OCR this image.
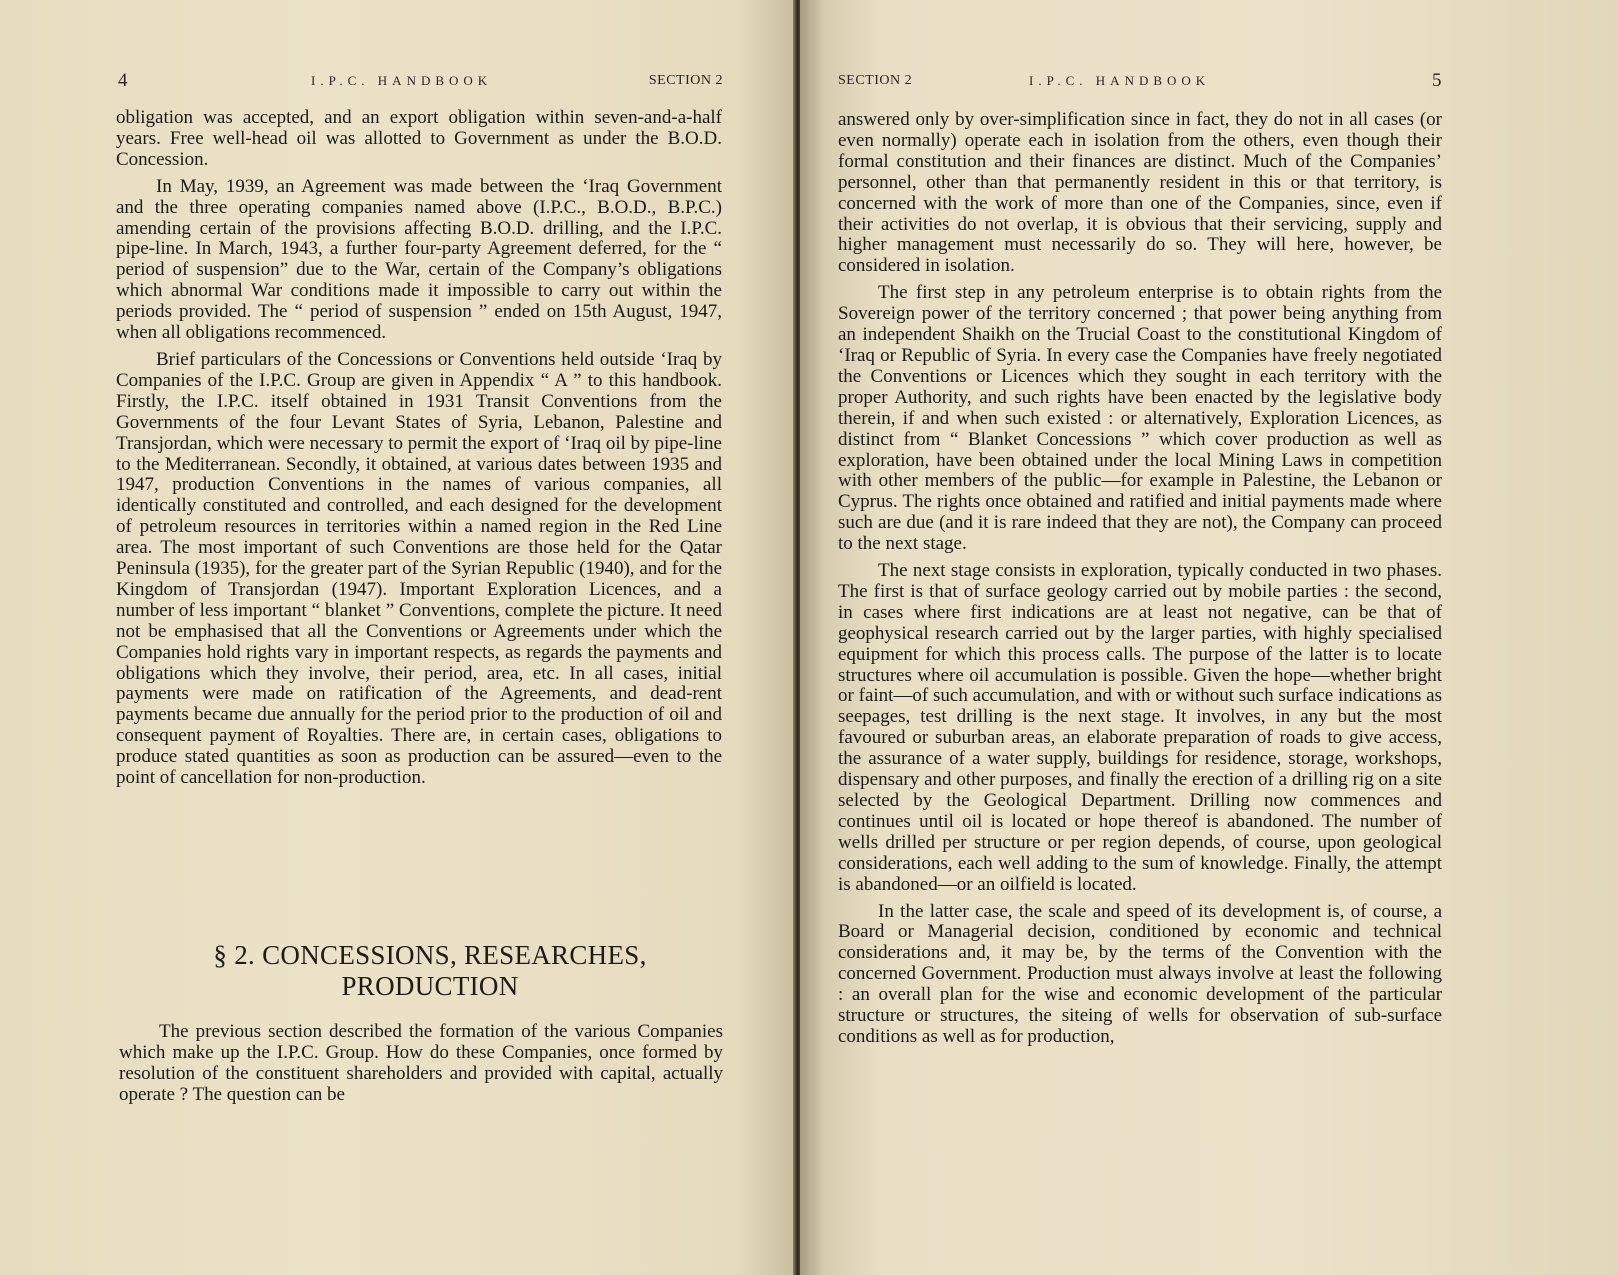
4	I.P.C. HANDBOOK	SECTION 2

obligation was accepted, and an export obligation within seven-and-a-half years. Free well-head oil was allotted to Government as under the B.O.D. Concession.

In May, 1939, an Agreement was made between the ‘Iraq Government and the three operating companies named above (I.P.C., B.O.D., B.P.C.) amending certain of the provisions affecting B.O.D. drilling, and the I.P.C. pipe-line. In March, 1943, a further four-party Agreement deferred, for the “ period of suspension” due to the War, certain of the Company’s obligations which abnormal War conditions made it impossible to carry out within the periods provided. The “ period of suspension ” ended on 15th August, 1947, when all obligations recommenced.

Brief particulars of the Concessions or Conventions held outside ‘Iraq by Companies of the I.P.C. Group are given in Appendix “ A ” to this handbook. Firstly, the I.P.C. itself obtained in 1931 Transit Conventions from the Governments of the four Levant States of Syria, Lebanon, Palestine and Transjordan, which were necessary to permit the export of ‘Iraq oil by pipe-line to the Mediterranean. Secondly, it obtained, at various dates between 1935 and 1947, production Conventions in the names of various companies, all identically constituted and controlled, and each designed for the development of petroleum resources in territories within a named region in the Red Line area. The most important of such Conventions are those held for the Qatar Peninsula (1935), for the greater part of the Syrian Republic (1940), and for the Kingdom of Transjordan (1947). Important Exploration Licences, and a number of less important “ blanket ” Conventions, complete the picture. It need not be emphasised that all the Conventions or Agreements under which the Companies hold rights vary in important respects, as regards the payments and obligations which they involve, their period, area, etc. In all cases, initial payments were made on ratification of the Agreements, and dead-rent payments became due annually for the period prior to the production of oil and consequent payment of Royalties. There are, in certain cases, obligations to produce stated quantities as soon as production can be assured—even to the point of cancellation for non-production.

§ 2. CONCESSIONS, RESEARCHES,
PRODUCTION

The previous section described the formation of the various Companies which make up the I.P.C. Group. How do these Companies, once formed by resolution of the constituent shareholders and provided with capital, actually operate ? The question can be

SECTION 2	I.P.C. HANDBOOK	5

answered only by over-simplification since in fact, they do not in all cases (or even normally) operate each in isolation from the others, even though their formal constitution and their finances are distinct. Much of the Companies’ personnel, other than that permanently resident in this or that territory, is concerned with the work of more than one of the Companies, since, even if their activities do not overlap, it is obvious that their servicing, supply and higher management must necessarily do so. They will here, however, be considered in isolation.

The first step in any petroleum enterprise is to obtain rights from the Sovereign power of the territory concerned ; that power being anything from an independent Shaikh on the Trucial Coast to the constitutional Kingdom of ‘Iraq or Republic of Syria. In every case the Companies have freely negotiated the Conventions or Licences which they sought in each territory with the proper Authority, and such rights have been enacted by the legislative body therein, if and when such existed : or alternatively, Exploration Licences, as distinct from “ Blanket Concessions ” which cover production as well as exploration, have been obtained under the local Mining Laws in competition with other members of the public—for example in Palestine, the Lebanon or Cyprus. The rights once obtained and ratified and initial payments made where such are due (and it is rare indeed that they are not), the Company can proceed to the next stage.

The next stage consists in exploration, typically conducted in two phases. The first is that of surface geology carried out by mobile parties : the second, in cases where first indications are at least not negative, can be that of geophysical research carried out by the larger parties, with highly specialised equipment for which this process calls. The purpose of the latter is to locate structures where oil accumulation is possible. Given the hope—whether bright or faint—of such accumulation, and with or without such surface indications as seepages, test drilling is the next stage. It involves, in any but the most favoured or suburban areas, an elaborate preparation of roads to give access, the assurance of a water supply, buildings for residence, storage, workshops, dispensary and other purposes, and finally the erection of a drilling rig on a site selected by the Geological Department. Drilling now commences and continues until oil is located or hope thereof is abandoned. The number of wells drilled per structure or per region depends, of course, upon geological considerations, each well adding to the sum of knowledge. Finally, the attempt is abandoned—or an oilfield is located.

In the latter case, the scale and speed of its development is, of course, a Board or Managerial decision, conditioned by economic and technical considerations and, it may be, by the terms of the Convention with the concerned Government. Production must always involve at least the following : an overall plan for the wise and economic development of the particular structure or structures, the siteing of wells for observation of sub-surface conditions as well as for production,
